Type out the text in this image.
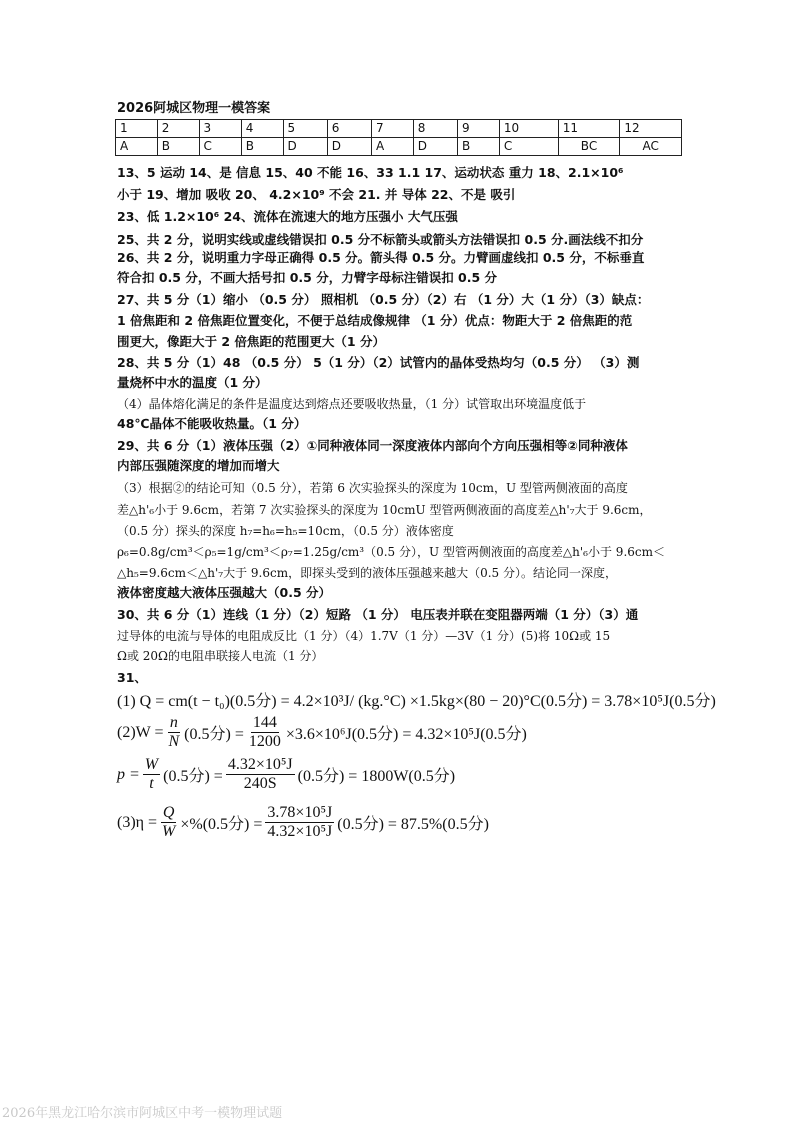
2026阿城区物理一模答案
1	2	3	4	5	6	7	8	9	10	11	12
A	B	C	B	D	D	A	D	B	C	BC	AC
13、5 运动 14、是 信息 15、40 不能 16、33 1.1 17、运动状态 重力 18、2.1×10⁶
小于 19、增加 吸收 20、 4.2×10⁹ 不会 21. 并 导体 22、不是 吸引
23、低 1.2×10⁶ 24、流体在流速大的地方压强小 大气压强
25、共 2 分，说明实线或虚线错误扣 0.5 分不标箭头或箭头方法错误扣 0.5 分.画法线不扣分
26、共 2 分，说明重力字母正确得 0.5 分。箭头得 0.5 分。力臂画虚线扣 0.5 分，不标垂直
符合扣 0.5 分，不画大括号扣 0.5 分，力臂字母标注错误扣 0.5 分
27、共 5 分（1）缩小 （0.5 分） 照相机 （0.5 分）（2）右 （1 分）大（1 分）（3）缺点：
1 倍焦距和 2 倍焦距位置变化，不便于总结成像规律 （1 分）优点：物距大于 2 倍焦距的范
围更大，像距大于 2 倍焦距的范围更大（1 分）
28、共 5 分（1）48 （0.5 分） 5（1 分）（2）试管内的晶体受热均匀（0.5 分） （3）测
量烧杯中水的温度（1 分）
（4）晶体熔化满足的条件是温度达到熔点还要吸收热量，（1 分）试管取出环境温度低于
48℃晶体不能吸收热量。（1 分）
29、共 6 分（1）液体压强（2）①同种液体同一深度液体内部向个方向压强相等②同种液体
内部压强随深度的增加而增大
（3）根据②的结论可知（0.5 分），若第 6 次实验探头的深度为 10cm，U 型管两侧液面的高度
差△h'₆小于 9.6cm，若第 7 次实验探头的深度为 10cmU 型管两侧液面的高度差△h'₇大于 9.6cm，
（0.5 分）探头的深度 h₇=h₆=h₅=10cm，（0.5 分）液体密度
ρ₆=0.8g/cm³＜ρ₅=1g/cm³＜ρ₇=1.25g/cm³（0.5 分），U 型管两侧液面的高度差△h'₆小于 9.6cm＜
△h₅=9.6cm＜△h'₇大于 9.6cm，即探头受到的液体压强越来越大（0.5 分）。结论同一深度，
液体密度越大液体压强越大（0.5 分）
30、共 6 分（1）连线（1 分）（2）短路 （1 分） 电压表并联在变阻器两端（1 分）（3）通
过导体的电流与导体的电阻成反比（1 分）（4）1.7V（1 分）—3V（1 分）(5)将 10Ω或 15
Ω或 20Ω的电阻串联接人电流（1 分）
31、
(1) Q = cm(t − t₀)(0.5分) = 4.2×10³J/ (kg.°C) ×1.5kg×(80 − 20)°C(0.5分) = 3.78×10⁵J(0.5分)
$(2)W = \frac{n}{N} (0.5$分) = $\frac{144}{1200} \times 3.6\times 10^6J(0.5$分) = 4.32×10⁵J(0.5分)
$p = \frac{W}{t} (0.5$分) = $\frac{\text{4.32×10⁵J}}{240S} (0.5$分) = 1800W(0.5分)
$(3)\eta = \frac{Q}{W} \times\%(0.5$分) = $\frac{\text{3.78×10⁵J}}{\text{4.32×10⁵J}} (0.5$分) = 87.5%(0.5分)
2026年黑龙江哈尔滨市阿城区中考一模物理试题
